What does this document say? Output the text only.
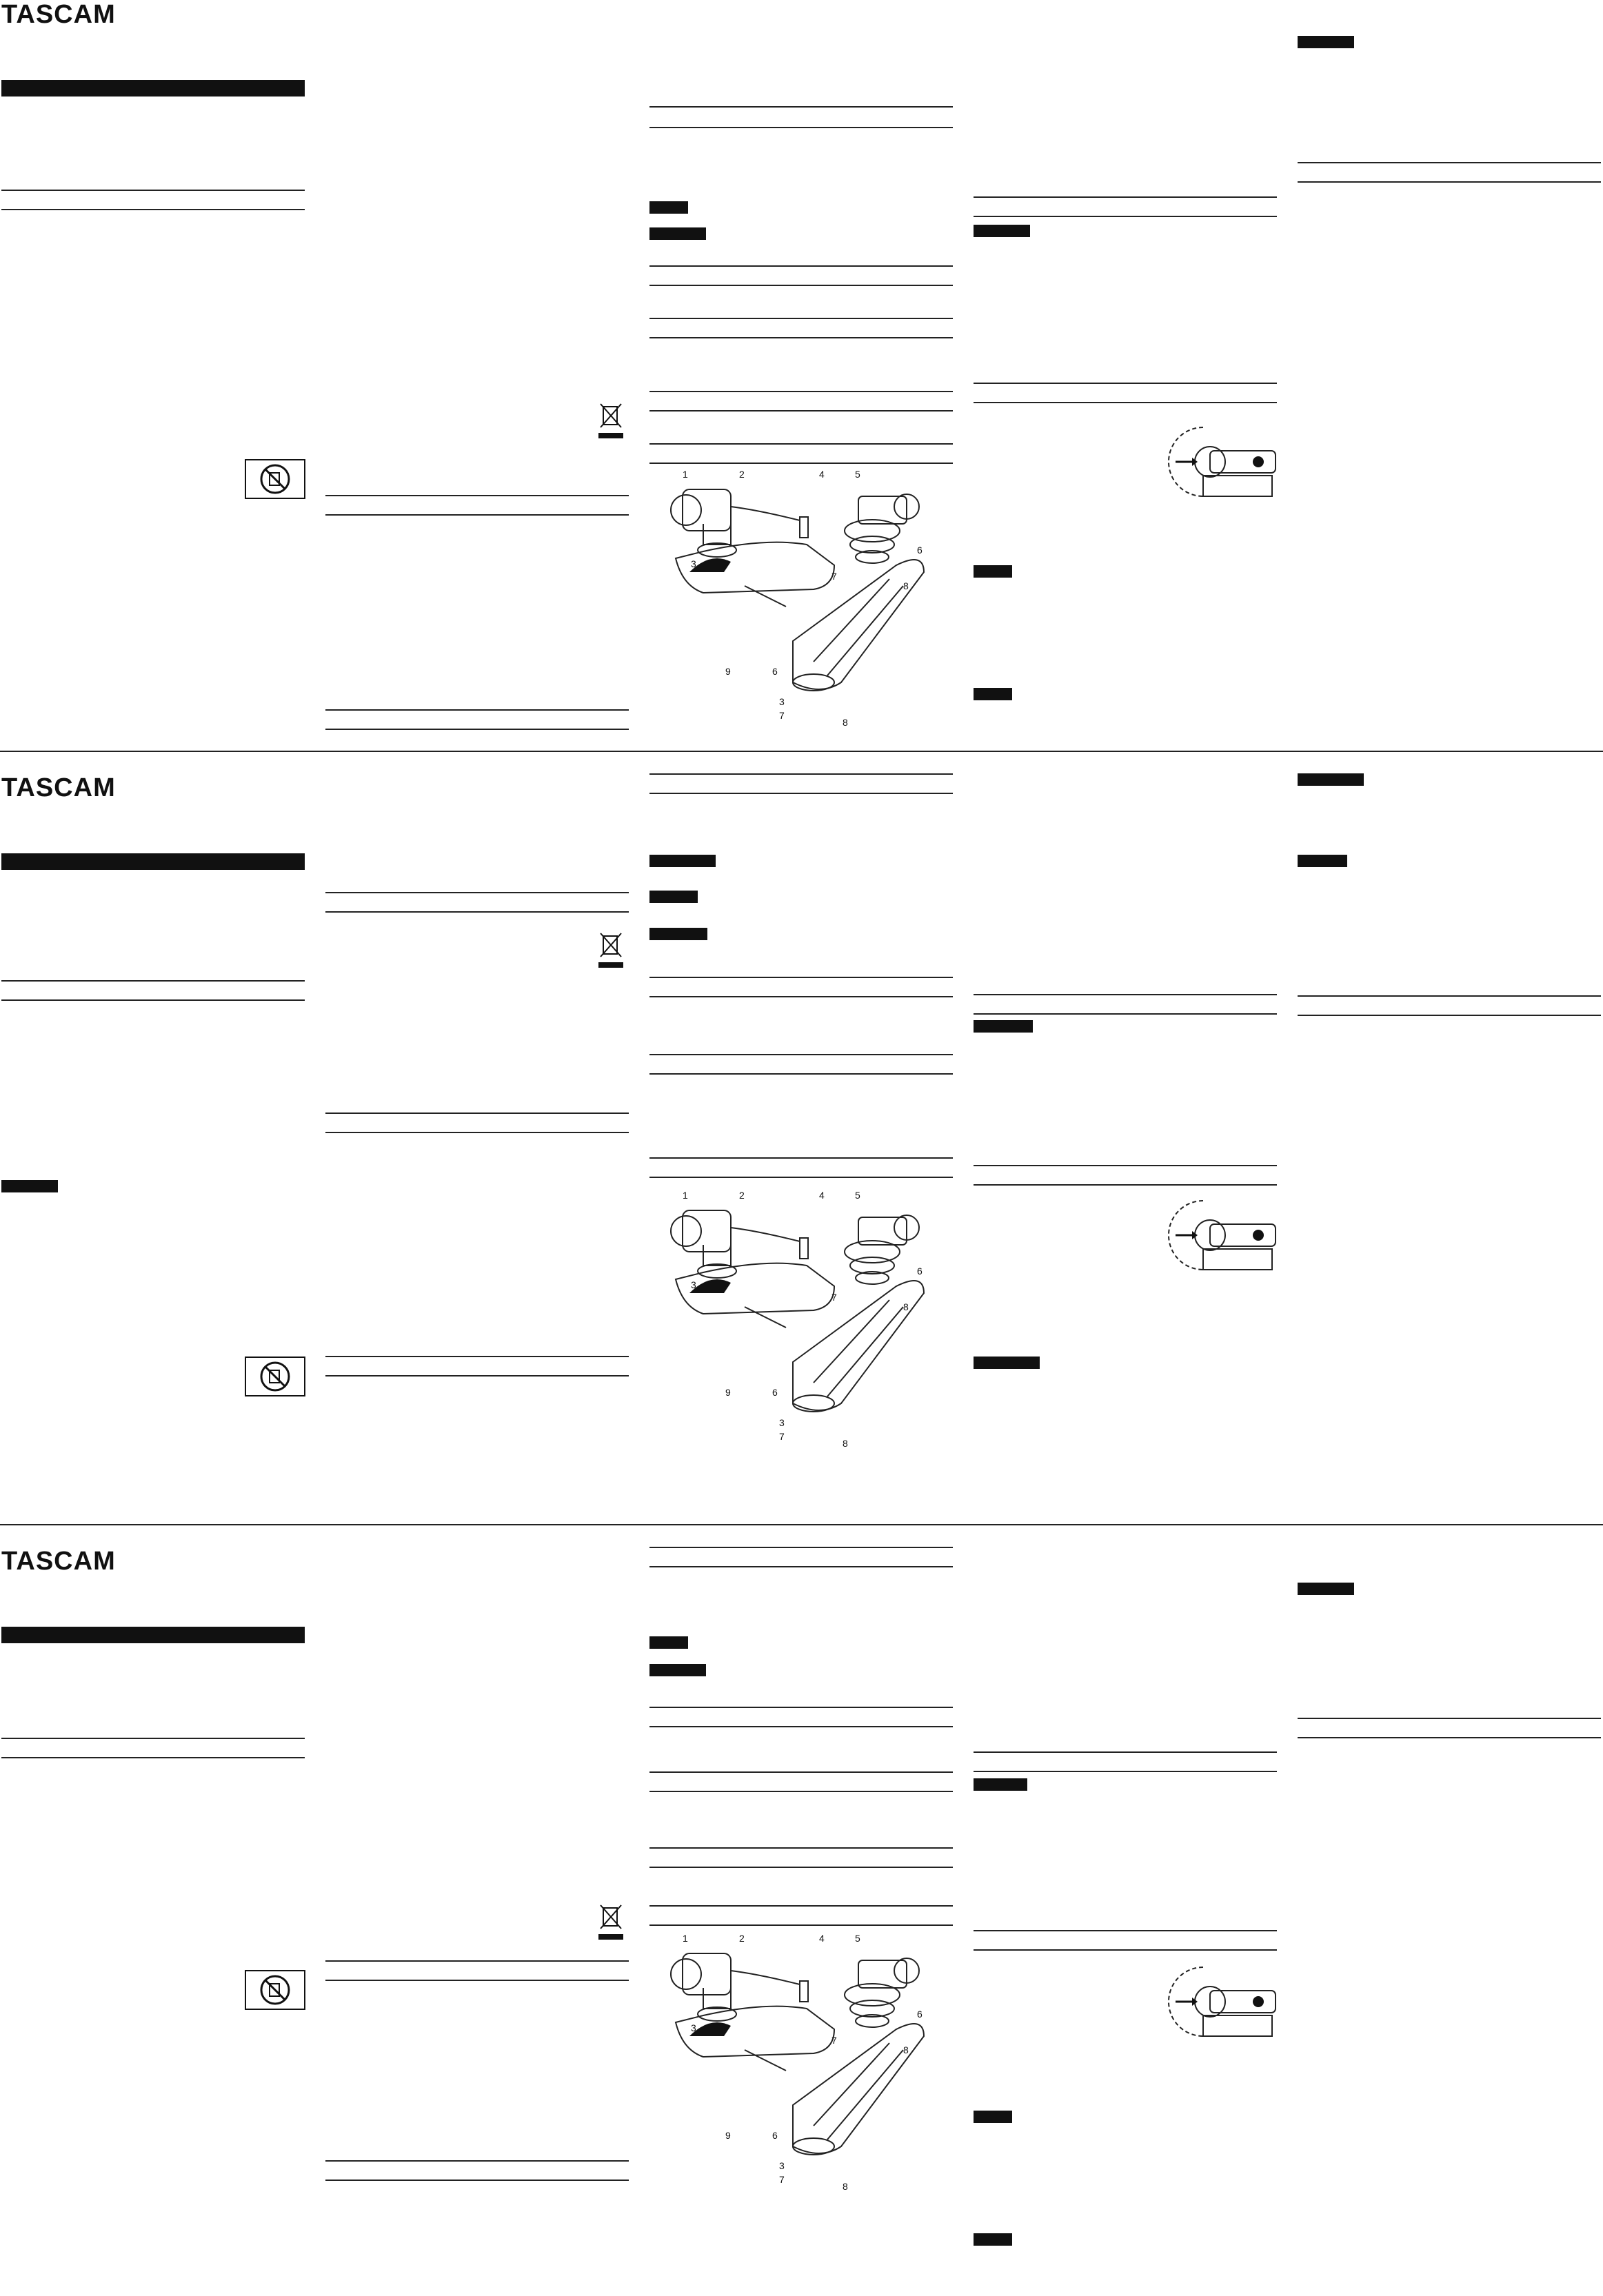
TASCAM
1	2
3
4	5
6
7
8
9	6
3
7
8
TASCAM
1	2
3
4	5
6
7
8
9	6
3
7
8
TASCAM
1	2
3
4	5
6
7
8
9	6
3
7
8
